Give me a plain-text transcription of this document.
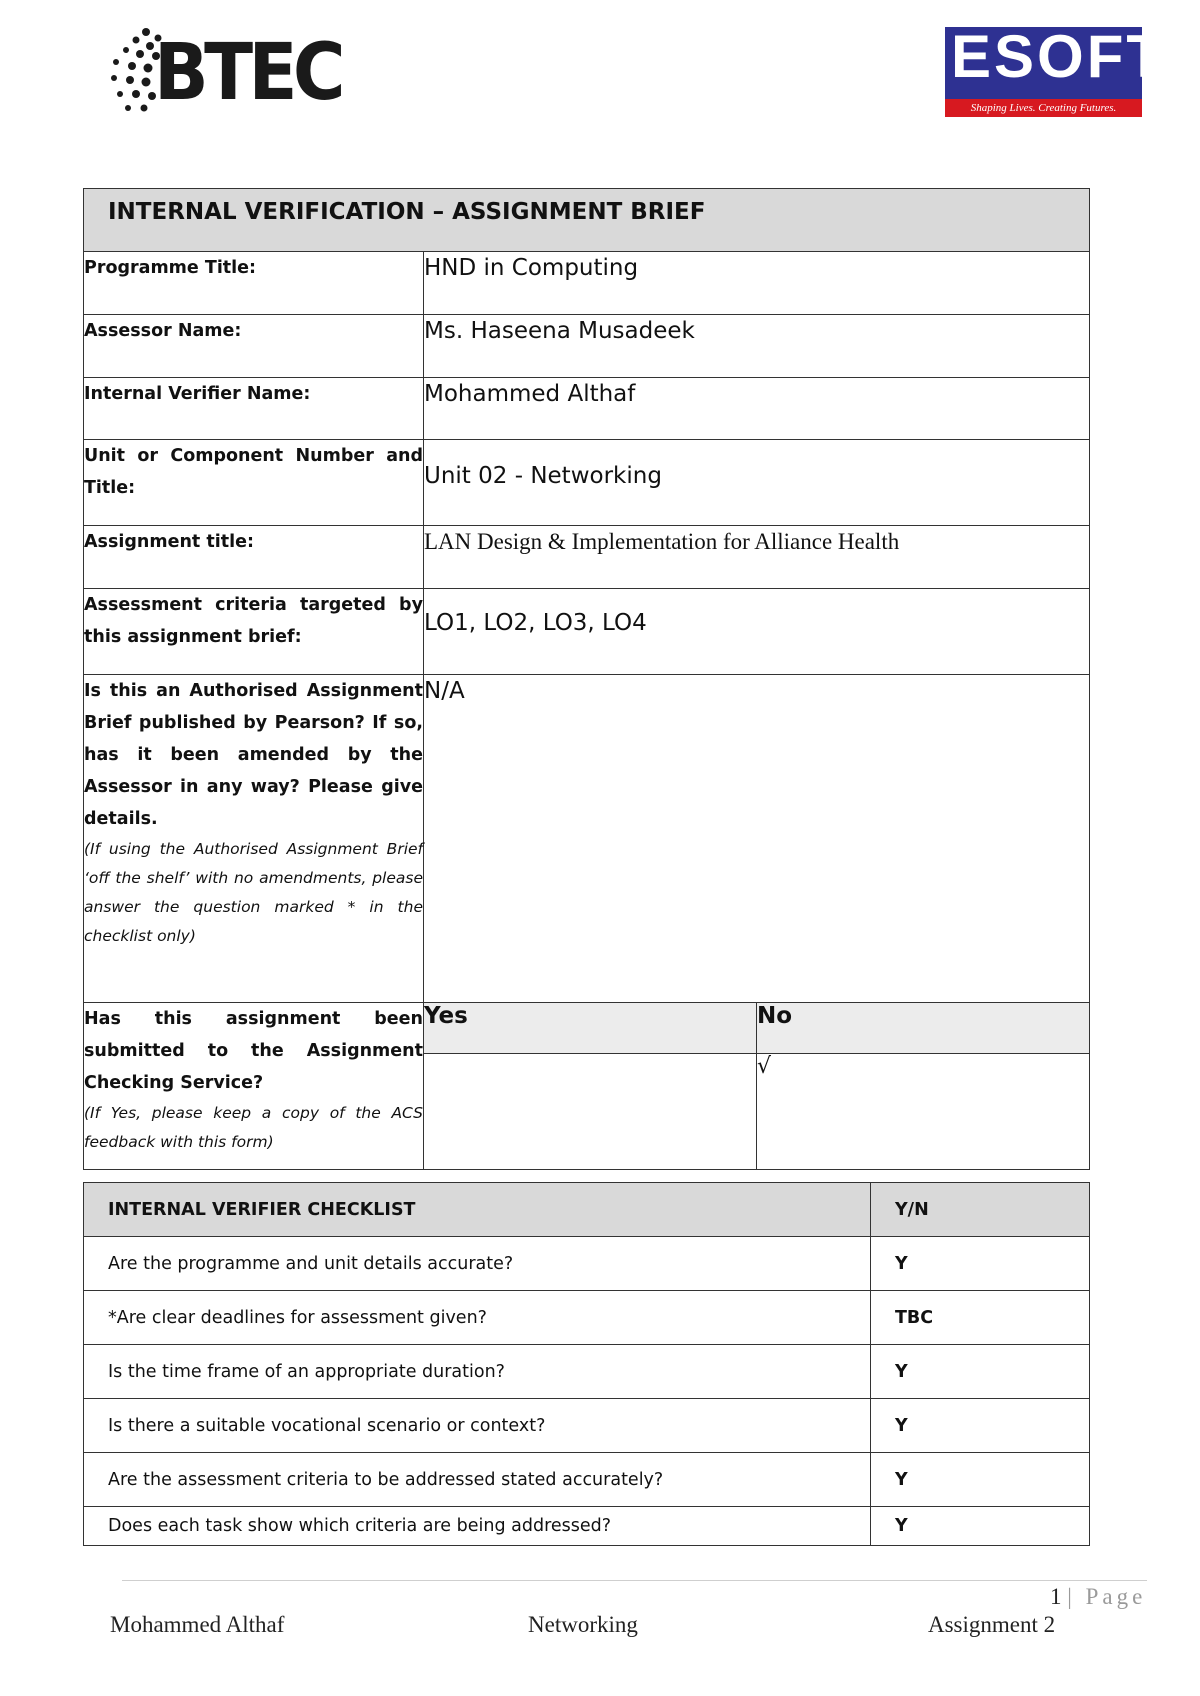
BTEC	ESOFT
Shaping Lives. Creating Futures.
INTERNAL VERIFICATION – ASSIGNMENT BRIEF		

Programme Title:	HND in Computing	
Assessor Name:	Ms. Haseena Musadeek	
Internal Verifier Name:	Mohammed Althaf	
Unit or Component Number and Title:	Unit 02 - Networking	
Assignment title:	LAN Design & Implementation for Alliance Health	
Assessment criteria targeted by this assignment brief:	LO1, LO2, LO3, LO4	
Is this an Authorised Assignment Brief published by Pearson? If so, has it been amended by the Assessor in any way? Please give details.
(If using the Authorised Assignment Brief ‘off the shelf’ with no amendments, please answer the question marked * in the checklist only)	N/A	
Has this assignment been submitted to the Assignment Checking Service?
(If Yes, please keep a copy of the ACS feedback with this form)	Yes	No
		√
INTERNAL VERIFIER CHECKLIST	Y/N
Are the programme and unit details accurate?	Y
*Are clear deadlines for assessment given?	TBC
Is the time frame of an appropriate duration?	Y
Is there a suitable vocational scenario or context?	Y
Are the assessment criteria to be addressed stated accurately?	Y
Does each task show which criteria are being addressed?	Y
1 | Page
Mohammed Althaf	Networking	Assignment 2
